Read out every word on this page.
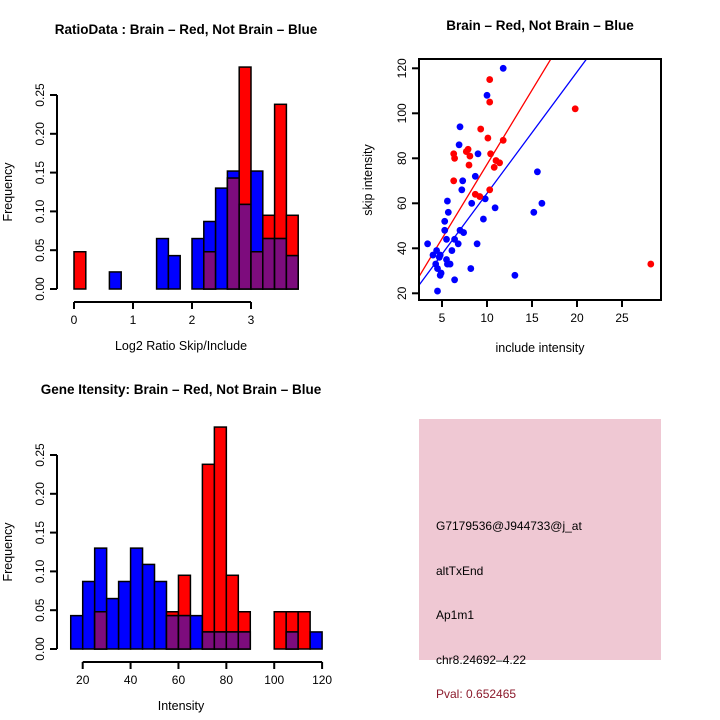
0.00
0.05
0.10
0.15
0.20
0.25
0	1	2	3
RatioData : Brain – Red, Not Brain – Blue
Log2 Ratio Skip/Include
Frequency
5	10	15	20	25
20
40
60
80
100
120
Brain – Red, Not Brain – Blue
include intensity
skip intensity
0.00
0.05
0.10
0.15
0.20
0.25
20	40	60	80	100 120
Gene Itensity: Brain – Red, Not Brain – Blue
Intensity
Frequency	G7179536@J944733@j_at
altTxEnd
Ap1m1
chr8.24692–4.22
Pval: 0.652465
